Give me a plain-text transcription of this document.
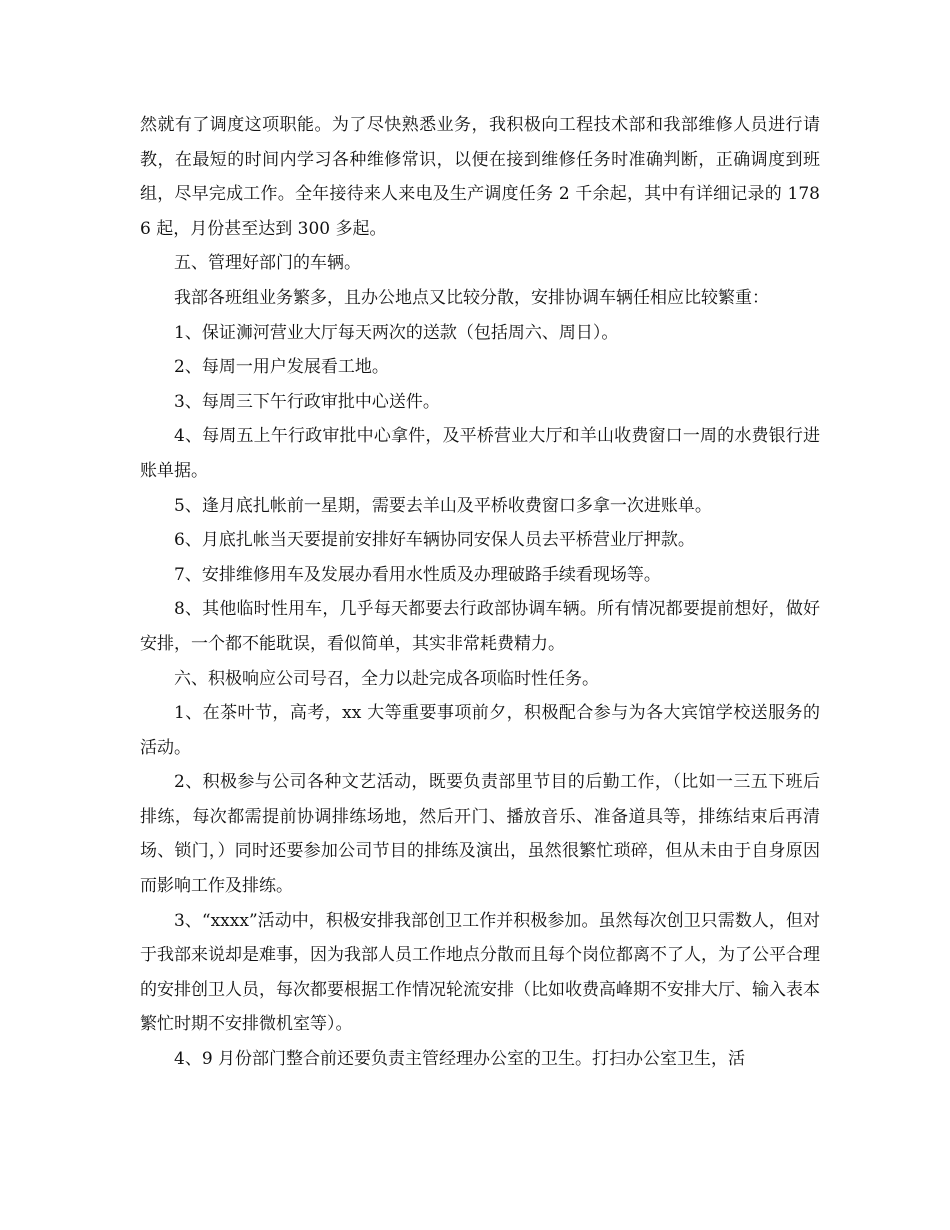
然就有了调度这项职能。为了尽快熟悉业务，我积极向工程技术部和我部维修人员进行请教，在最短的时间内学习各种维修常识，以便在接到维修任务时准确判断，正确调度到班组，尽早完成工作。全年接待来人来电及生产调度任务 2 千余起，其中有详细记录的 1786 起，月份甚至达到 300 多起。

五、管理好部门的车辆。

我部各班组业务繁多，且办公地点又比较分散，安排协调车辆任相应比较繁重：

1、保证浉河营业大厅每天两次的送款（包括周六、周日）。

2、每周一用户发展看工地。

3、每周三下午行政审批中心送件。

4、每周五上午行政审批中心拿件，及平桥营业大厅和羊山收费窗口一周的水费银行进账单据。

5、逢月底扎帐前一星期，需要去羊山及平桥收费窗口多拿一次进账单。

6、月底扎帐当天要提前安排好车辆协同安保人员去平桥营业厅押款。

7、安排维修用车及发展办看用水性质及办理破路手续看现场等。

8、其他临时性用车，几乎每天都要去行政部协调车辆。所有情况都要提前想好，做好安排，一个都不能耽误，看似简单，其实非常耗费精力。

六、积极响应公司号召，全力以赴完成各项临时性任务。

1、在茶叶节，高考，xx 大等重要事项前夕，积极配合参与为各大宾馆学校送服务的活动。

2、积极参与公司各种文艺活动，既要负责部里节目的后勤工作，（比如一三五下班后排练，每次都需提前协调排练场地，然后开门、播放音乐、准备道具等，排练结束后再清场、锁门，）同时还要参加公司节目的排练及演出，虽然很繁忙琐碎，但从未由于自身原因而影响工作及排练。

3、“xxxx”活动中，积极安排我部创卫工作并积极参加。虽然每次创卫只需数人，但对于我部来说却是难事，因为我部人员工作地点分散而且每个岗位都离不了人，为了公平合理的安排创卫人员，每次都要根据工作情况轮流安排（比如收费高峰期不安排大厅、输入表本繁忙时期不安排微机室等）。

4、9 月份部门整合前还要负责主管经理办公室的卫生。打扫办公室卫生，活
